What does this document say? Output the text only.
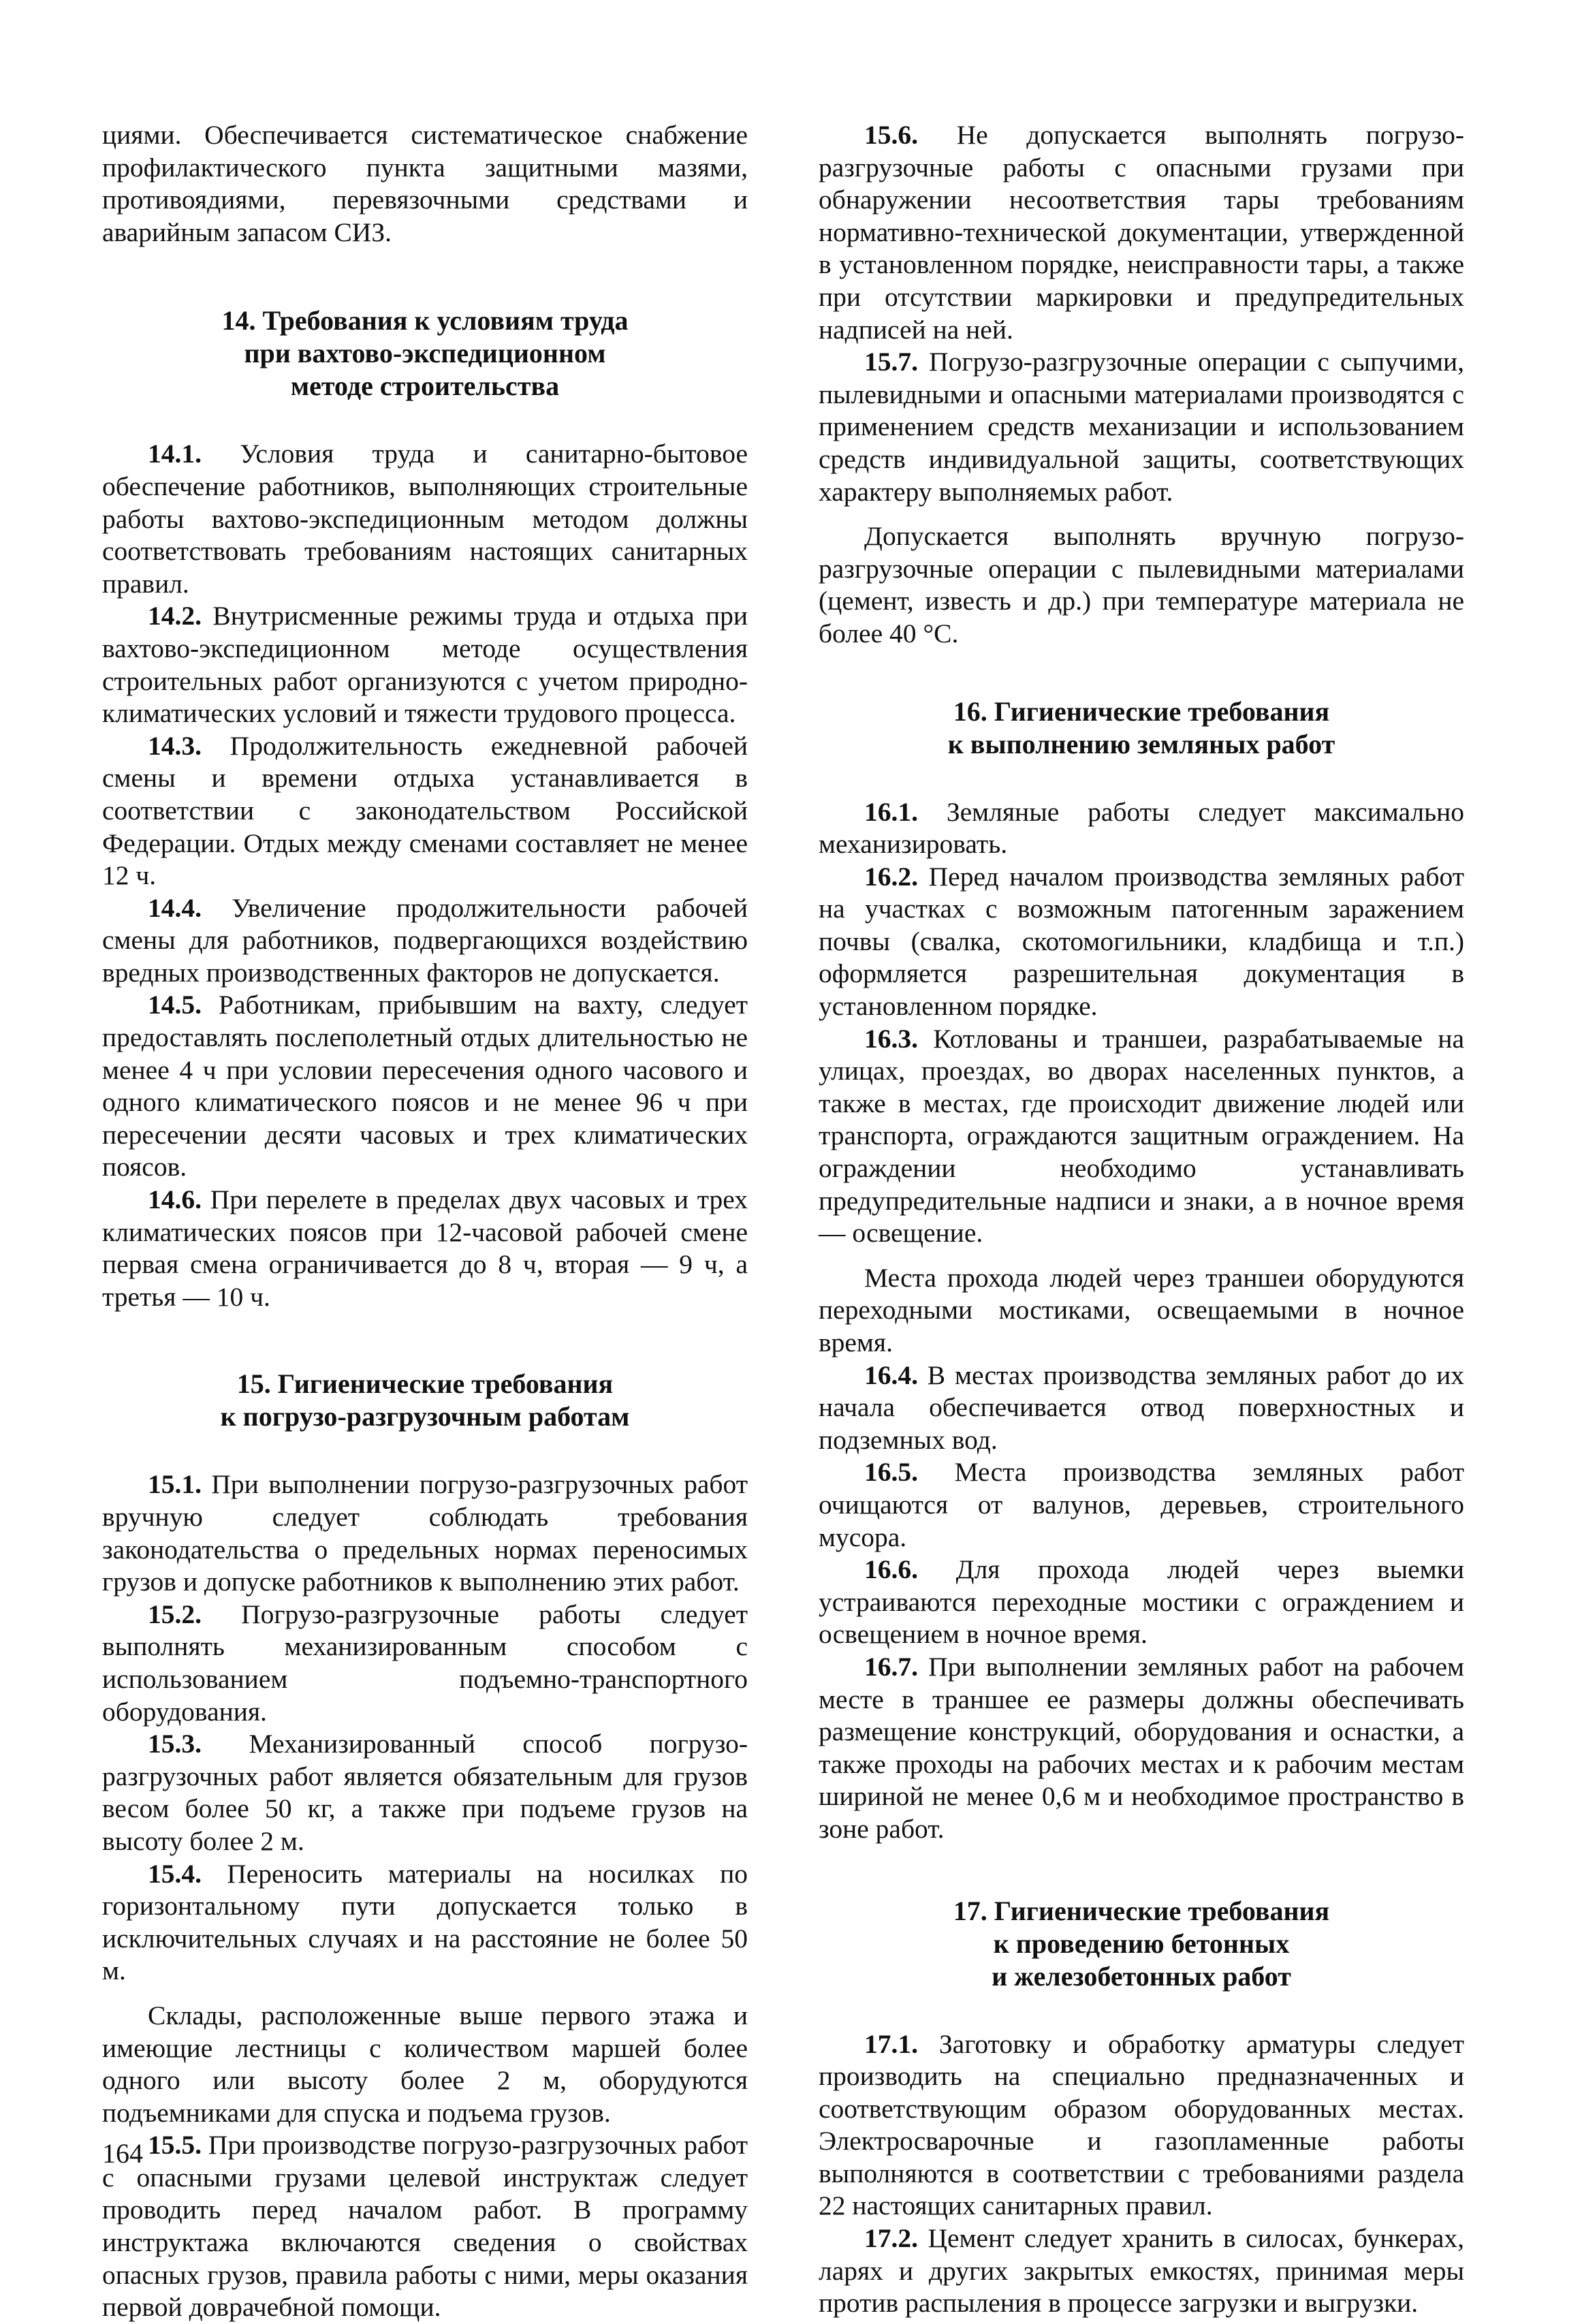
циями. Обеспечивается систематическое снабжение профилактического пункта защитными мазями, противоядиями, перевязочными средствами и аварийным запасом СИЗ.

14. Требования к условиям труда
при вахтово-экспедиционном
методе строительства

14.1. Условия труда и санитарно-бытовое обеспечение работников, выполняющих строительные работы вахтово-экспедиционным методом должны соответствовать требованиям настоящих санитарных правил.

14.2. Внутрисменные режимы труда и отдыха при вахтово-экспедиционном методе осуществления строительных работ организуются с учетом природно-климатических условий и тяжести трудового процесса.

14.3. Продолжительность ежедневной рабочей смены и времени отдыха устанавливается в соответствии с законодательством Российской Федерации. Отдых между сменами составляет не менее 12 ч.

14.4. Увеличение продолжительности рабочей смены для работников, подвергающихся воздействию вредных производственных факторов не допускается.

14.5. Работникам, прибывшим на вахту, следует предоставлять послеполетный отдых длительностью не менее 4 ч при условии пересечения одного часового и одного климатического поясов и не менее 96 ч при пересечении десяти часовых и трех климатических поясов.

14.6. При перелете в пределах двух часовых и трех климатических поясов при 12-часовой рабочей смене первая смена ограничивается до 8 ч, вторая — 9 ч, а третья — 10 ч.

15. Гигиенические требования
к погрузо-разгрузочным работам

15.1. При выполнении погрузо-разгрузочных работ вручную следует соблюдать требования законодательства о предельных нормах переносимых грузов и допуске работников к выполнению этих работ.

15.2. Погрузо-разгрузочные работы следует выполнять механизированным способом с использованием подъемно-транспортного оборудования.

15.3. Механизированный способ погрузо-разгрузочных работ является обязательным для грузов весом более 50 кг, а также при подъеме грузов на высоту более 2 м.

15.4. Переносить материалы на носилках по горизонтальному пути допускается только в исключительных случаях и на расстояние не более 50 м.

Склады, расположенные выше первого этажа и имеющие лестницы с количеством маршей более одного или высоту более 2 м, оборудуются подъемниками для спуска и подъема грузов.

15.5. При производстве погрузо-разгрузочных работ с опасными грузами целевой инструктаж следует проводить перед началом работ. В программу инструктажа включаются сведения о свойствах опасных грузов, правила работы с ними, меры оказания первой доврачебной помощи.

15.6. Не допускается выполнять погрузо-разгрузочные работы с опасными грузами при обнаружении несоответствия тары требованиям нормативно-технической документации, утвержденной в установленном порядке, неисправности тары, а также при отсутствии маркировки и предупредительных надписей на ней.

15.7. Погрузо-разгрузочные операции с сыпучими, пылевидными и опасными материалами производятся с применением средств механизации и использованием средств индивидуальной защиты, соответствующих характеру выполняемых работ.

Допускается выполнять вручную погрузо-разгрузочные операции с пылевидными материалами (цемент, известь и др.) при температуре материала не более 40 °С.

16. Гигиенические требования
к выполнению земляных работ

16.1. Земляные работы следует максимально механизировать.

16.2. Перед началом производства земляных работ на участках с возможным патогенным заражением почвы (свалка, скотомогильники, кладбища и т.п.) оформляется разрешительная документация в установленном порядке.

16.3. Котлованы и траншеи, разрабатываемые на улицах, проездах, во дворах населенных пунктов, а также в местах, где происходит движение людей или транспорта, ограждаются защитным ограждением. На ограждении необходимо устанавливать предупредительные надписи и знаки, а в ночное время — освещение.

Места прохода людей через траншеи оборудуются переходными мостиками, освещаемыми в ночное время.

16.4. В местах производства земляных работ до их начала обеспечивается отвод поверхностных и подземных вод.

16.5. Места производства земляных работ очищаются от валунов, деревьев, строительного мусора.

16.6. Для прохода людей через выемки устраиваются переходные мостики с ограждением и освещением в ночное время.

16.7. При выполнении земляных работ на рабочем месте в траншее ее размеры должны обеспечивать размещение конструкций, оборудования и оснастки, а также проходы на рабочих местах и к рабочим местам шириной не менее 0,6 м и необходимое пространство в зоне работ.

17. Гигиенические требования
к проведению бетонных
и железобетонных работ

17.1. Заготовку и обработку арматуры следует производить на специально предназначенных и соответствующим образом оборудованных местах. Электросварочные и газопламенные работы выполняются в соответствии с требованиями раздела 22 настоящих санитарных правил.

17.2. Цемент следует хранить в силосах, бункерах, ларях и других закрытых емкостях, принимая меры против распыления в процессе загрузки и выгрузки.

164
